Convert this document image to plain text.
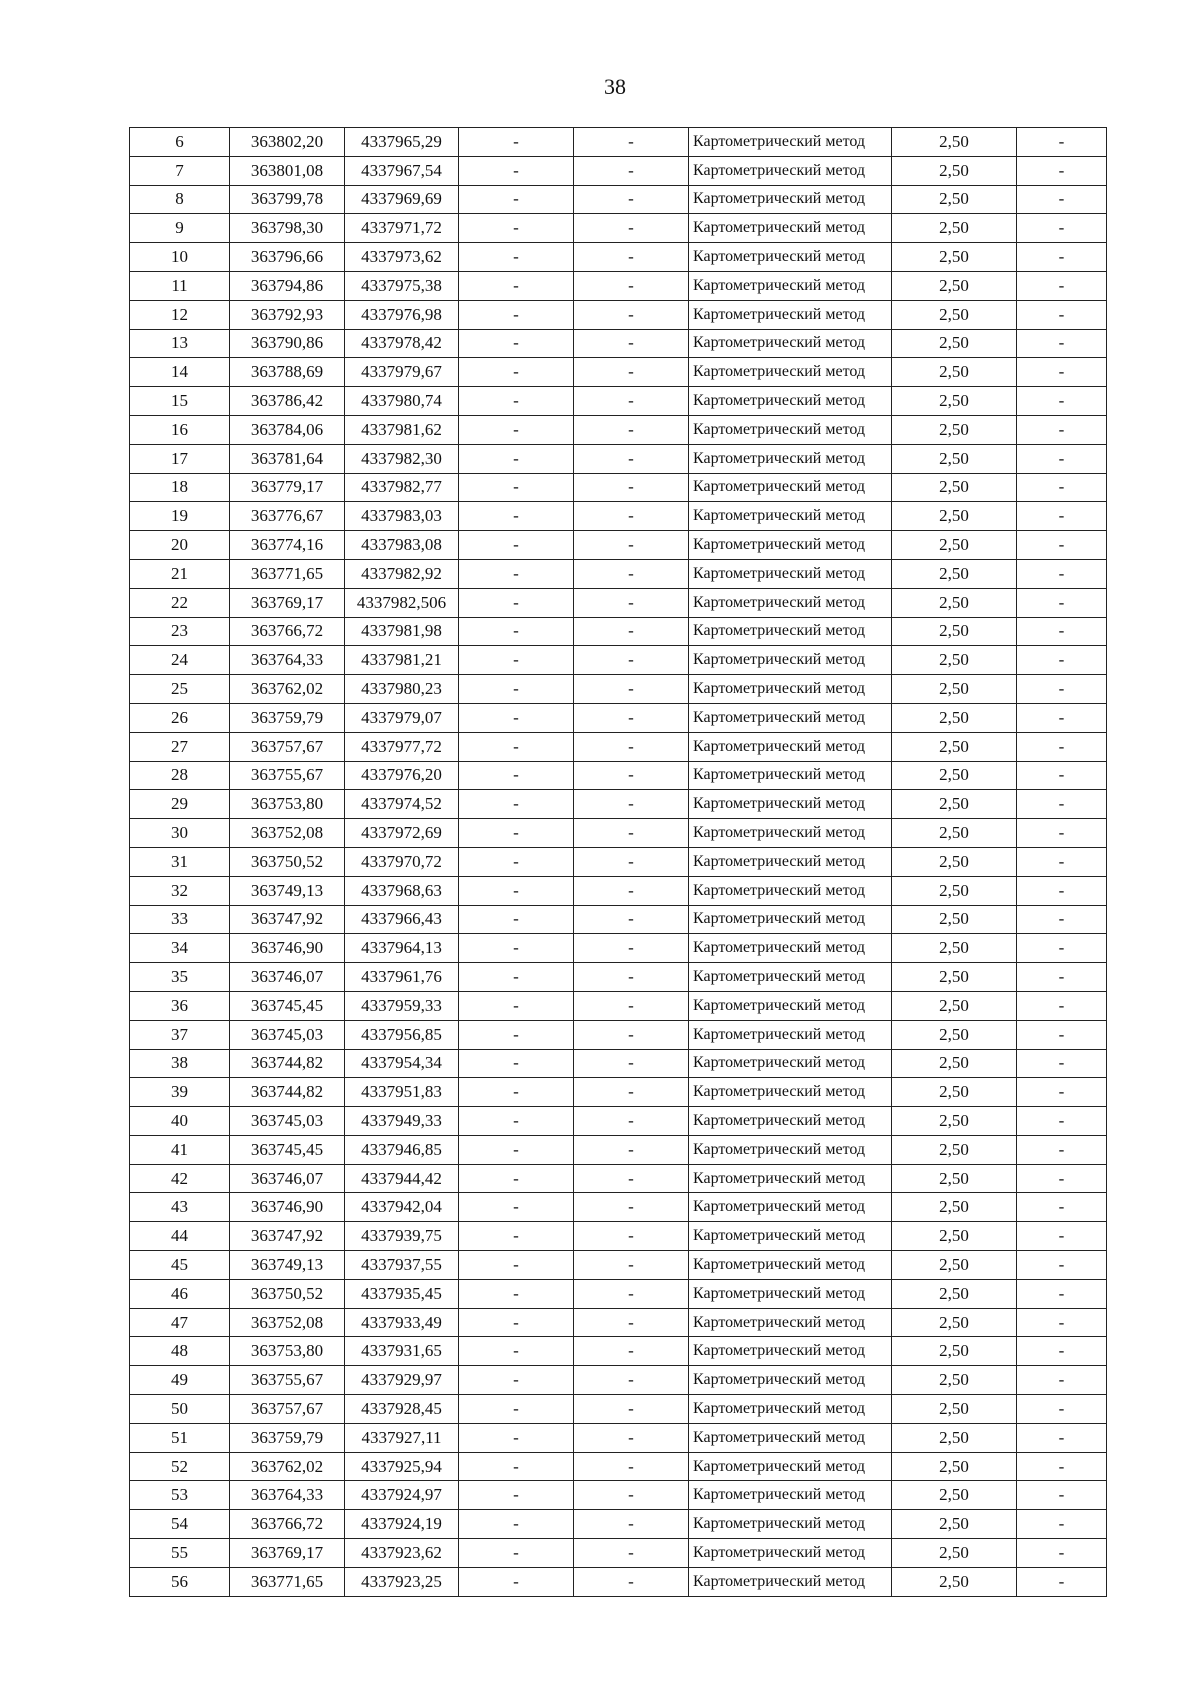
38
6	363802,20	4337965,29	-	-	Картометрический метод	2,50	-
7	363801,08	4337967,54	-	-	Картометрический метод	2,50	-
8	363799,78	4337969,69	-	-	Картометрический метод	2,50	-
9	363798,30	4337971,72	-	-	Картометрический метод	2,50	-
10	363796,66	4337973,62	-	-	Картометрический метод	2,50	-
11	363794,86	4337975,38	-	-	Картометрический метод	2,50	-
12	363792,93	4337976,98	-	-	Картометрический метод	2,50	-
13	363790,86	4337978,42	-	-	Картометрический метод	2,50	-
14	363788,69	4337979,67	-	-	Картометрический метод	2,50	-
15	363786,42	4337980,74	-	-	Картометрический метод	2,50	-
16	363784,06	4337981,62	-	-	Картометрический метод	2,50	-
17	363781,64	4337982,30	-	-	Картометрический метод	2,50	-
18	363779,17	4337982,77	-	-	Картометрический метод	2,50	-
19	363776,67	4337983,03	-	-	Картометрический метод	2,50	-
20	363774,16	4337983,08	-	-	Картометрический метод	2,50	-
21	363771,65	4337982,92	-	-	Картометрический метод	2,50	-
22	363769,17	4337982,506	-	-	Картометрический метод	2,50	-
23	363766,72	4337981,98	-	-	Картометрический метод	2,50	-
24	363764,33	4337981,21	-	-	Картометрический метод	2,50	-
25	363762,02	4337980,23	-	-	Картометрический метод	2,50	-
26	363759,79	4337979,07	-	-	Картометрический метод	2,50	-
27	363757,67	4337977,72	-	-	Картометрический метод	2,50	-
28	363755,67	4337976,20	-	-	Картометрический метод	2,50	-
29	363753,80	4337974,52	-	-	Картометрический метод	2,50	-
30	363752,08	4337972,69	-	-	Картометрический метод	2,50	-
31	363750,52	4337970,72	-	-	Картометрический метод	2,50	-
32	363749,13	4337968,63	-	-	Картометрический метод	2,50	-
33	363747,92	4337966,43	-	-	Картометрический метод	2,50	-
34	363746,90	4337964,13	-	-	Картометрический метод	2,50	-
35	363746,07	4337961,76	-	-	Картометрический метод	2,50	-
36	363745,45	4337959,33	-	-	Картометрический метод	2,50	-
37	363745,03	4337956,85	-	-	Картометрический метод	2,50	-
38	363744,82	4337954,34	-	-	Картометрический метод	2,50	-
39	363744,82	4337951,83	-	-	Картометрический метод	2,50	-
40	363745,03	4337949,33	-	-	Картометрический метод	2,50	-
41	363745,45	4337946,85	-	-	Картометрический метод	2,50	-
42	363746,07	4337944,42	-	-	Картометрический метод	2,50	-
43	363746,90	4337942,04	-	-	Картометрический метод	2,50	-
44	363747,92	4337939,75	-	-	Картометрический метод	2,50	-
45	363749,13	4337937,55	-	-	Картометрический метод	2,50	-
46	363750,52	4337935,45	-	-	Картометрический метод	2,50	-
47	363752,08	4337933,49	-	-	Картометрический метод	2,50	-
48	363753,80	4337931,65	-	-	Картометрический метод	2,50	-
49	363755,67	4337929,97	-	-	Картометрический метод	2,50	-
50	363757,67	4337928,45	-	-	Картометрический метод	2,50	-
51	363759,79	4337927,11	-	-	Картометрический метод	2,50	-
52	363762,02	4337925,94	-	-	Картометрический метод	2,50	-
53	363764,33	4337924,97	-	-	Картометрический метод	2,50	-
54	363766,72	4337924,19	-	-	Картометрический метод	2,50	-
55	363769,17	4337923,62	-	-	Картометрический метод	2,50	-
56	363771,65	4337923,25	-	-	Картометрический метод	2,50	-
